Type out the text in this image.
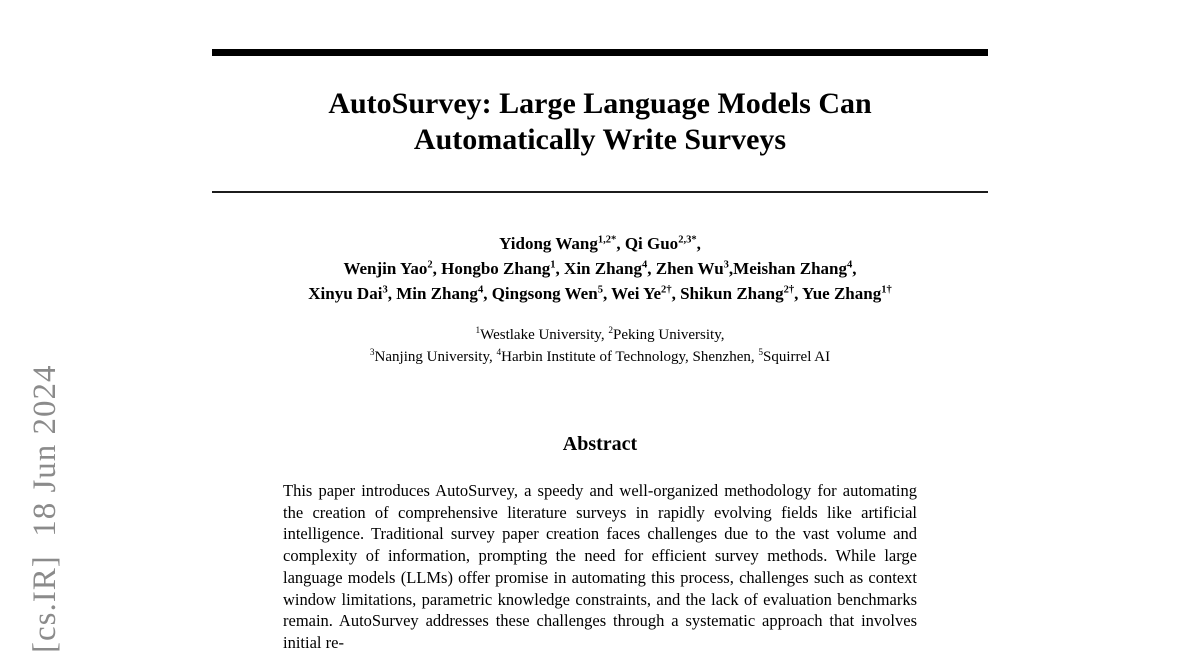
[cs.IR]  18 Jun 2024
AutoSurvey: Large Language Models Can
Automatically Write Surveys
Yidong Wang$^{1,2*}$, Qi Guo$^{2,3*}$,
Wenjin Yao$^2$, Hongbo Zhang$^1$, Xin Zhang$^4$, Zhen Wu$^3$,Meishan Zhang$^4$,
Xinyu Dai$^3$, Min Zhang$^4$, Qingsong Wen$^5$, Wei $Ye^{2\dagger}$, Shikun Zhang$^{2\dagger}$, Yue Zhang$^{1\dagger}$
$^1$Westlake University, $^2$Peking University,
$^3$Nanjing University, $^4$Harbin Institute of Technology, Shenzhen, $^5$Squirrel AI
Abstract
This paper introduces AutoSurvey, a speedy and well-organized methodology for automating the creation of comprehensive literature surveys in rapidly evolving fields like artificial intelligence. Traditional survey paper creation faces challenges due to the vast volume and complexity of information, prompting the need for efficient survey methods. While large language models (LLMs) offer promise in automating this process, challenges such as context window limitations, parametric knowledge constraints, and the lack of evaluation benchmarks remain. AutoSurvey addresses these challenges through a systematic approach that involves initial re-
